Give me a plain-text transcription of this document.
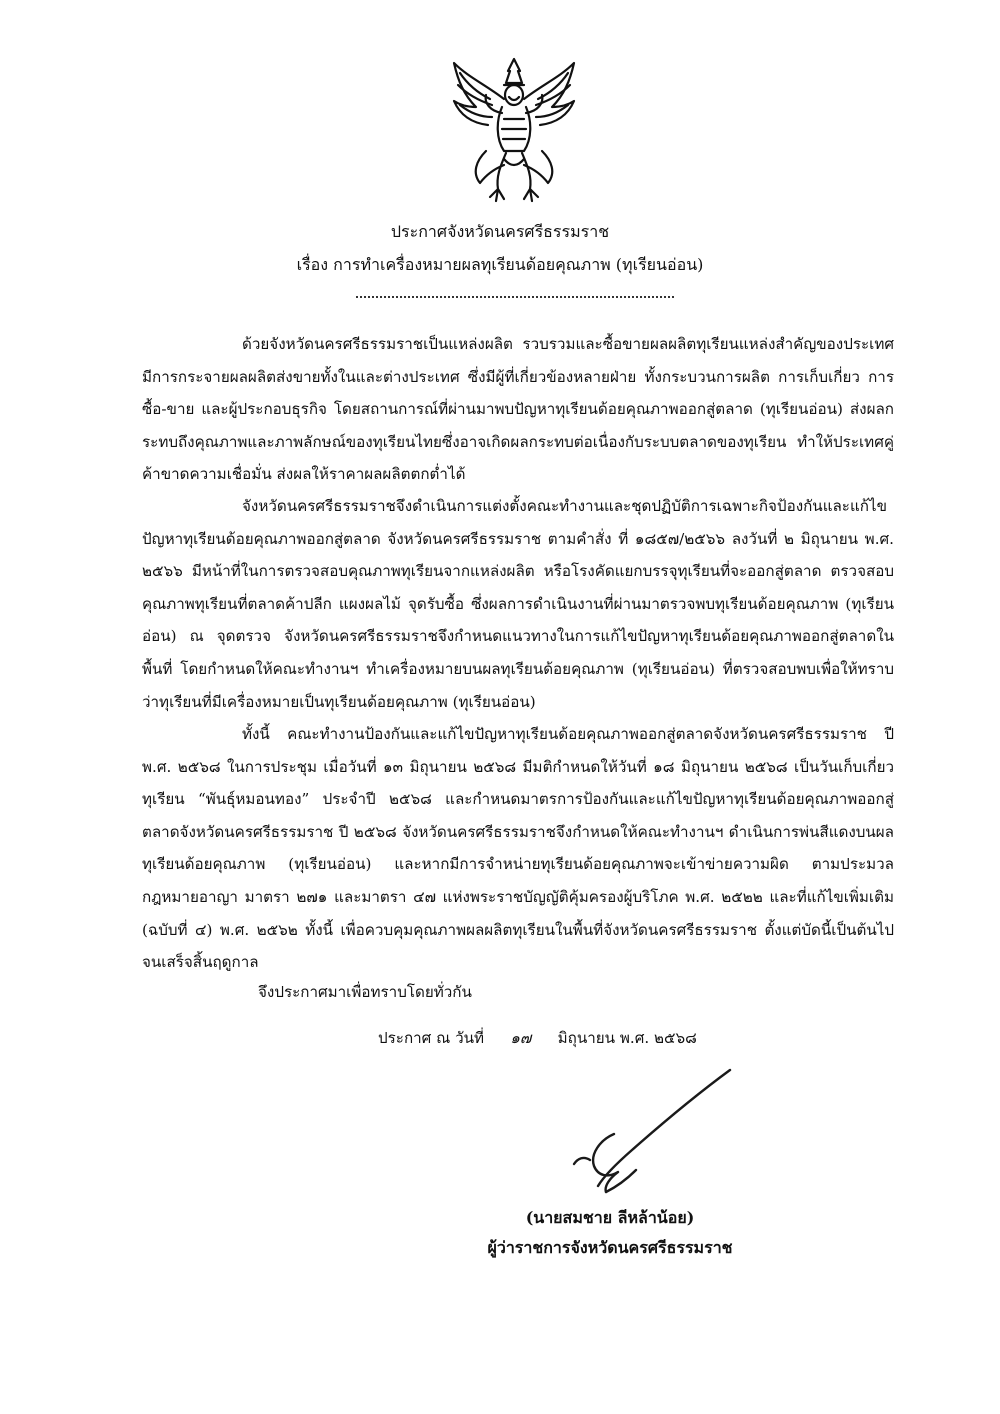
ประกาศจังหวัดนครศรีธรรมราช
เรื่อง การทำเครื่องหมายผลทุเรียนด้อยคุณภาพ (ทุเรียนอ่อน)

ด้วยจังหวัดนครศรีธรรมราชเป็นแหล่งผลิต รวบรวมและซื้อขายผลผลิตทุเรียนแหล่งสำคัญของประเทศ มีการกระจายผลผลิตส่งขายทั้งในและต่างประเทศ ซึ่งมีผู้ที่เกี่ยวข้องหลายฝ่าย ทั้งกระบวนการผลิต การเก็บเกี่ยว การซื้อ-ขาย และผู้ประกอบธุรกิจ โดยสถานการณ์ที่ผ่านมาพบปัญหาทุเรียนด้อยคุณภาพออกสู่ตลาด (ทุเรียนอ่อน) ส่งผลกระทบถึงคุณภาพและภาพลักษณ์ของทุเรียนไทยซึ่งอาจเกิดผลกระทบต่อเนื่องกับระบบตลาดของทุเรียน ทำให้ประเทศคู่ค้าขาดความเชื่อมั่น ส่งผลให้ราคาผลผลิตตกต่ำได้

จังหวัดนครศรีธรรมราชจึงดำเนินการแต่งตั้งคณะทำงานและชุดปฏิบัติการเฉพาะกิจป้องกันและแก้ไขปัญหาทุเรียนด้อยคุณภาพออกสู่ตลาด จังหวัดนครศรีธรรมราช ตามคำสั่ง ที่ ๑๘๕๗/๒๕๖๖ ลงวันที่ ๒ มิถุนายน พ.ศ. ๒๕๖๖ มีหน้าที่ในการตรวจสอบคุณภาพทุเรียนจากแหล่งผลิต หรือโรงคัดแยกบรรจุทุเรียนที่จะออกสู่ตลาด ตรวจสอบคุณภาพทุเรียนที่ตลาดค้าปลีก แผงผลไม้ จุดรับซื้อ ซึ่งผลการดำเนินงานที่ผ่านมาตรวจพบทุเรียนด้อยคุณภาพ (ทุเรียนอ่อน) ณ จุดตรวจ จังหวัดนครศรีธรรมราชจึงกำหนดแนวทางในการแก้ไขปัญหาทุเรียนด้อยคุณภาพออกสู่ตลาดในพื้นที่ โดยกำหนดให้คณะทำงานฯ ทำเครื่องหมายบนผลทุเรียนด้อยคุณภาพ (ทุเรียนอ่อน) ที่ตรวจสอบพบเพื่อให้ทราบว่าทุเรียนที่มีเครื่องหมายเป็นทุเรียนด้อยคุณภาพ (ทุเรียนอ่อน)

ทั้งนี้ คณะทำงานป้องกันและแก้ไขปัญหาทุเรียนด้อยคุณภาพออกสู่ตลาดจังหวัดนครศรีธรรมราช ปี พ.ศ. ๒๕๖๘ ในการประชุม เมื่อวันที่ ๑๓ มิถุนายน ๒๕๖๘ มีมติกำหนดให้วันที่ ๑๘ มิถุนายน ๒๕๖๘ เป็นวันเก็บเกี่ยวทุเรียน “พันธุ์หมอนทอง” ประจำปี ๒๕๖๘ และกำหนดมาตรการป้องกันและแก้ไขปัญหาทุเรียนด้อยคุณภาพออกสู่ตลาดจังหวัดนครศรีธรรมราช ปี ๒๕๖๘ จังหวัดนครศรีธรรมราชจึงกำหนดให้คณะทำงานฯ ดำเนินการพ่นสีแดงบนผลทุเรียนด้อยคุณภาพ (ทุเรียนอ่อน) และหากมีการจำหน่ายทุเรียนด้อยคุณภาพจะเข้าข่ายความผิด ตามประมวลกฎหมายอาญา มาตรา ๒๗๑ และมาตรา ๔๗ แห่งพระราชบัญญัติคุ้มครองผู้บริโภค พ.ศ. ๒๕๒๒ และที่แก้ไขเพิ่มเติม (ฉบับที่ ๔) พ.ศ. ๒๕๖๒ ทั้งนี้ เพื่อควบคุมคุณภาพผลผลิตทุเรียนในพื้นที่จังหวัดนครศรีธรรมราช ตั้งแต่บัดนี้เป็นต้นไปจนเสร็จสิ้นฤดูกาล

จึงประกาศมาเพื่อทราบโดยทั่วกัน
ประกาศ ณ วันที่ ๑๗ มิถุนายน พ.ศ. ๒๕๖๘
(นายสมชาย ลีหล้าน้อย)
ผู้ว่าราชการจังหวัดนครศรีธรรมราช
